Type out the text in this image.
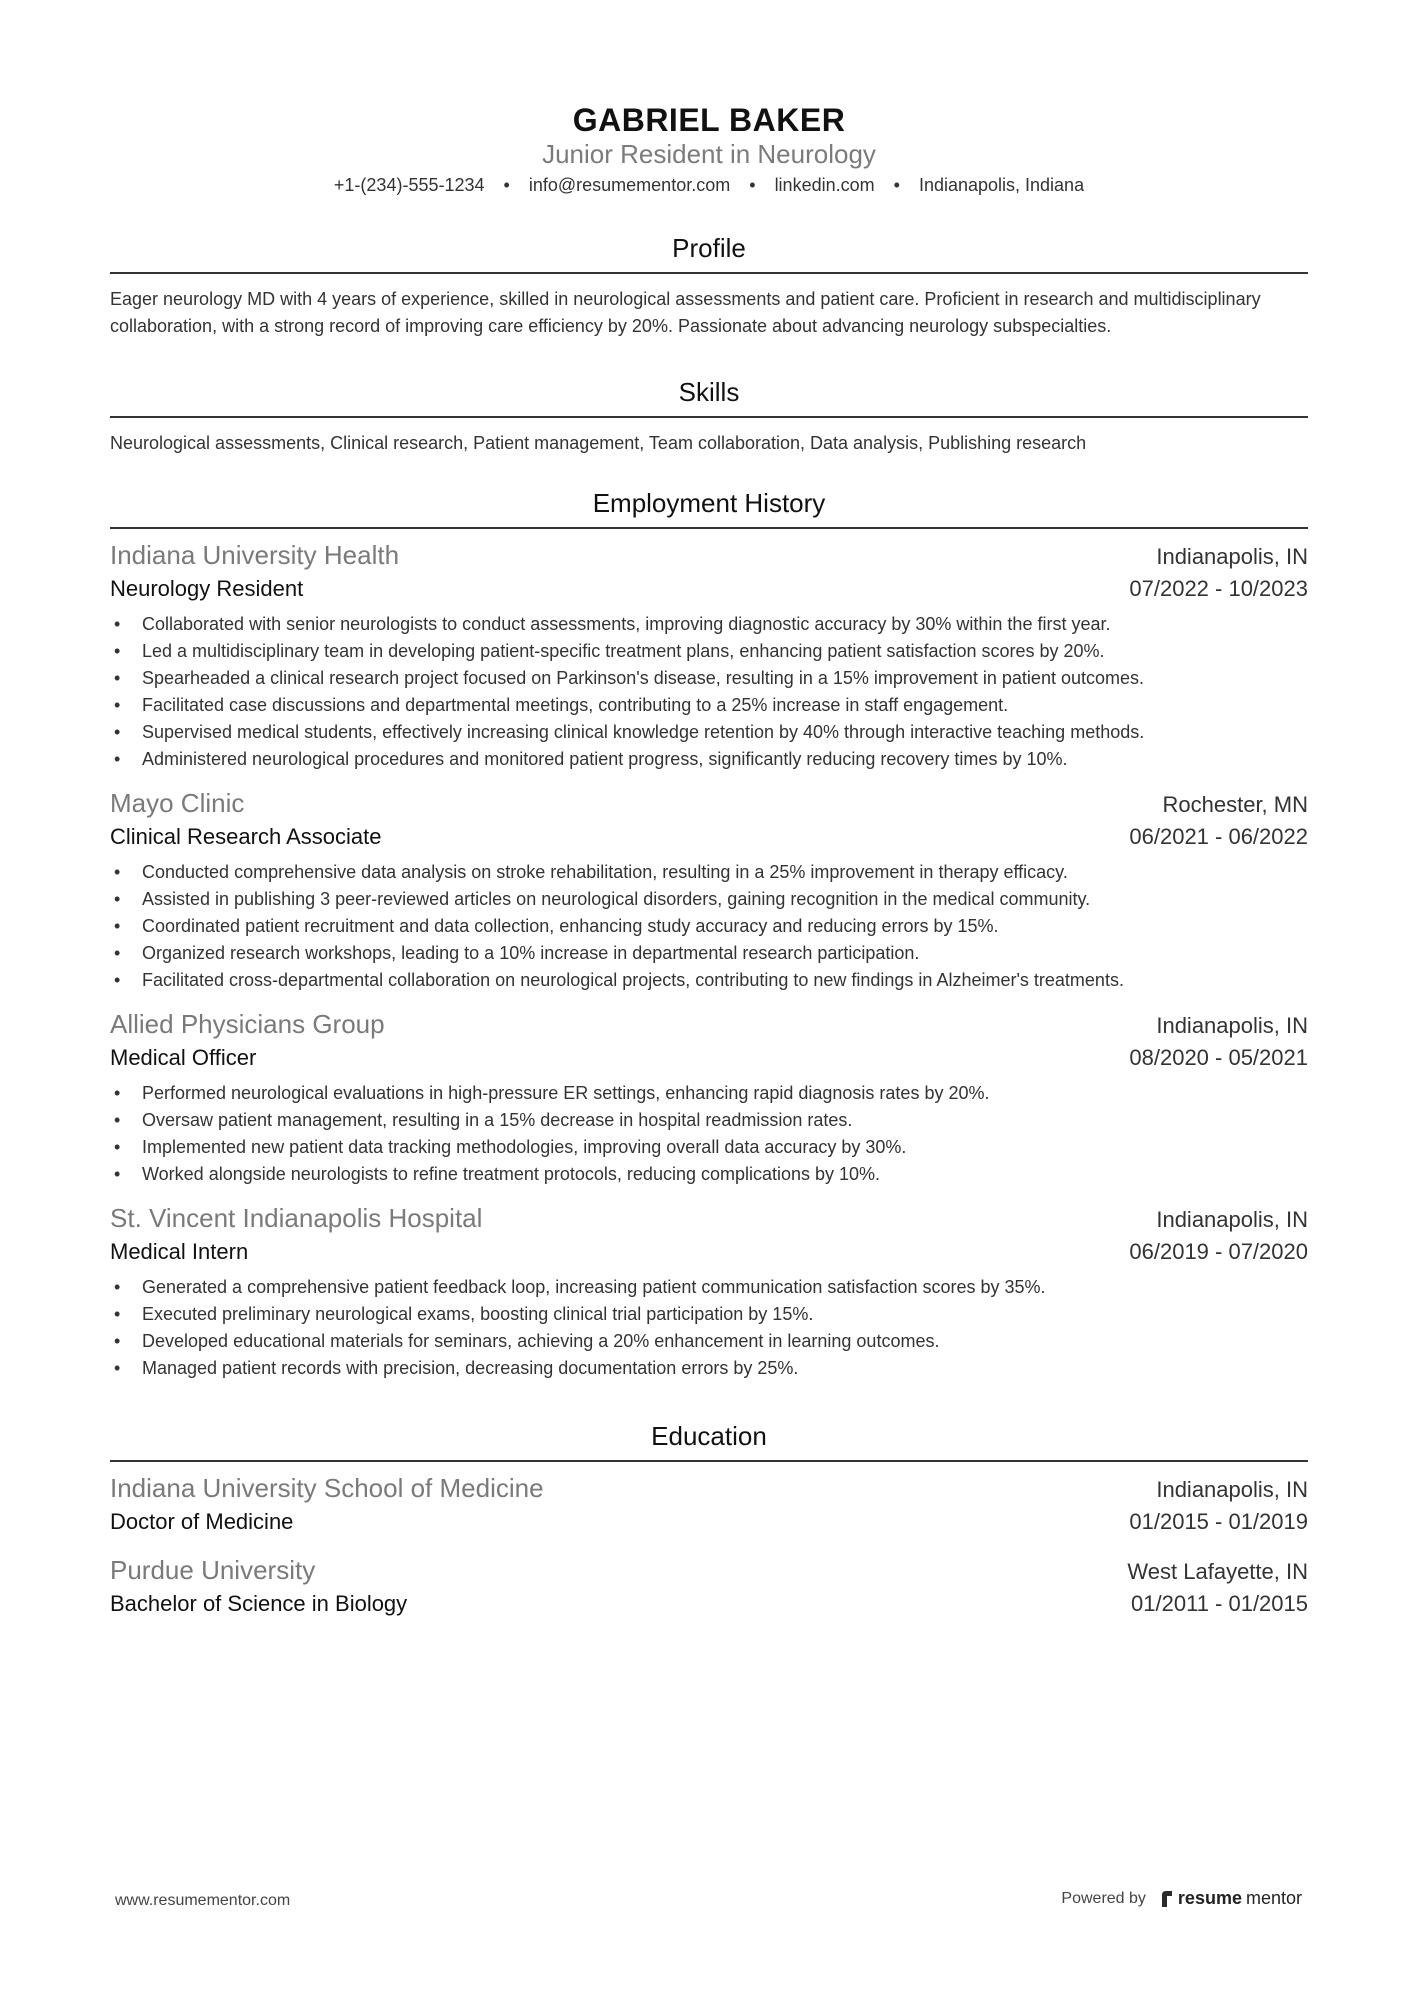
GABRIEL BAKER
Junior Resident in Neurology
+1-(234)-555-1234 • info@resumementor.com • linkedin.com • Indianapolis, Indiana
Profile
Eager neurology MD with 4 years of experience, skilled in neurological assessments and patient care. Proficient in research and multidisciplinary collaboration, with a strong record of improving care efficiency by 20%. Passionate about advancing neurology subspecialties.
Skills
Neurological assessments, Clinical research, Patient management, Team collaboration, Data analysis, Publishing research
Employment History
Indiana University Health	Indianapolis, IN
Neurology Resident	07/2022 - 10/2023
• Collaborated with senior neurologists to conduct assessments, improving diagnostic accuracy by 30% within the first year.
• Led a multidisciplinary team in developing patient-specific treatment plans, enhancing patient satisfaction scores by 20%.
• Spearheaded a clinical research project focused on Parkinson's disease, resulting in a 15% improvement in patient outcomes.
• Facilitated case discussions and departmental meetings, contributing to a 25% increase in staff engagement.
• Supervised medical students, effectively increasing clinical knowledge retention by 40% through interactive teaching methods.
• Administered neurological procedures and monitored patient progress, significantly reducing recovery times by 10%.
Mayo Clinic	Rochester, MN
Clinical Research Associate	06/2021 - 06/2022
• Conducted comprehensive data analysis on stroke rehabilitation, resulting in a 25% improvement in therapy efficacy.
• Assisted in publishing 3 peer-reviewed articles on neurological disorders, gaining recognition in the medical community.
• Coordinated patient recruitment and data collection, enhancing study accuracy and reducing errors by 15%.
• Organized research workshops, leading to a 10% increase in departmental research participation.
• Facilitated cross-departmental collaboration on neurological projects, contributing to new findings in Alzheimer's treatments.
Allied Physicians Group	Indianapolis, IN
Medical Officer	08/2020 - 05/2021
• Performed neurological evaluations in high-pressure ER settings, enhancing rapid diagnosis rates by 20%.
• Oversaw patient management, resulting in a 15% decrease in hospital readmission rates.
• Implemented new patient data tracking methodologies, improving overall data accuracy by 30%.
• Worked alongside neurologists to refine treatment protocols, reducing complications by 10%.
St. Vincent Indianapolis Hospital	Indianapolis, IN
Medical Intern	06/2019 - 07/2020
• Generated a comprehensive patient feedback loop, increasing patient communication satisfaction scores by 35%.
• Executed preliminary neurological exams, boosting clinical trial participation by 15%.
• Developed educational materials for seminars, achieving a 20% enhancement in learning outcomes.
• Managed patient records with precision, decreasing documentation errors by 25%.
Education
Indiana University School of Medicine	Indianapolis, IN
Doctor of Medicine	01/2015 - 01/2019
Purdue University	West Lafayette, IN
Bachelor of Science in Biology	01/2011 - 01/2015
www.resumementor.com	Powered by resume mentor
